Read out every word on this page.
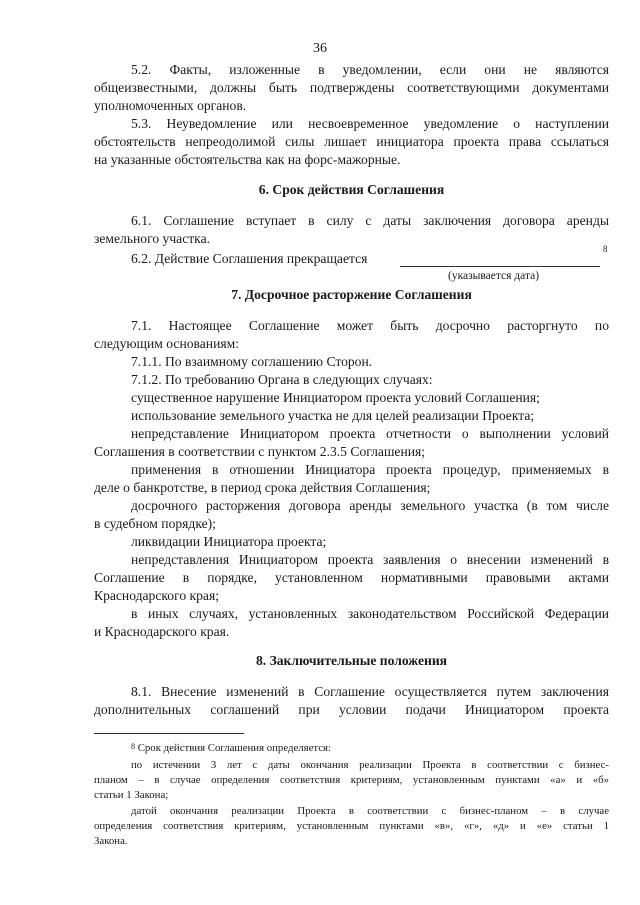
36
5.2. Факты, изложенные в уведомлении, если они не являются
общеизвестными, должны быть подтверждены соответствующими документами
уполномоченных органов.
5.3. Неуведомление или несвоевременное уведомление о наступлении
обстоятельств непреодолимой силы лишает инициатора проекта права ссылаться
на указанные обстоятельства как на форс-мажорные.
6. Срок действия Соглашения
6.1. Соглашение вступает в силу с даты заключения договора аренды
земельного участка.
6.2. Действие Соглашения прекращается
8
(указывается дата)
7. Досрочное расторжение Соглашения
7.1. Настоящее Соглашение может быть досрочно расторгнуто по
следующим основаниям:
7.1.1. По взаимному соглашению Сторон.
7.1.2. По требованию Органа в следующих случаях:
существенное нарушение Инициатором проекта условий Соглашения;
использование земельного участка не для целей реализации Проекта;
непредставление Инициатором проекта отчетности о выполнении условий
Соглашения в соответствии с пунктом 2.3.5 Соглашения;
применения в отношении Инициатора проекта процедур, применяемых в
деле о банкротстве, в период срока действия Соглашения;
досрочного расторжения договора аренды земельного участка (в том числе
в судебном порядке);
ликвидации Инициатора проекта;
непредставления Инициатором проекта заявления о внесении изменений в
Соглашение в порядке, установленном нормативными правовыми актами
Краснодарского края;
в иных случаях, установленных законодательством Российской Федерации
и Краснодарского края.
8. Заключительные положения
8.1. Внесение изменений в Соглашение осуществляется путем заключения
дополнительных соглашений при условии подачи Инициатором проекта
$^8$ Срок действия Соглашения определяется:
по истечении 3 лет с даты окончания реализации Проекта в соответствии с бизнес-
планом – в случае определения соответствия критериям, установленным пунктами «а» и «б»
статьи 1 Закона;
датой окончания реализации Проекта в соответствии с бизнес-планом – в случае
определения соответствия критериям, установленным пунктами «в», «г», «д» и «е» статьи 1
Закона.
